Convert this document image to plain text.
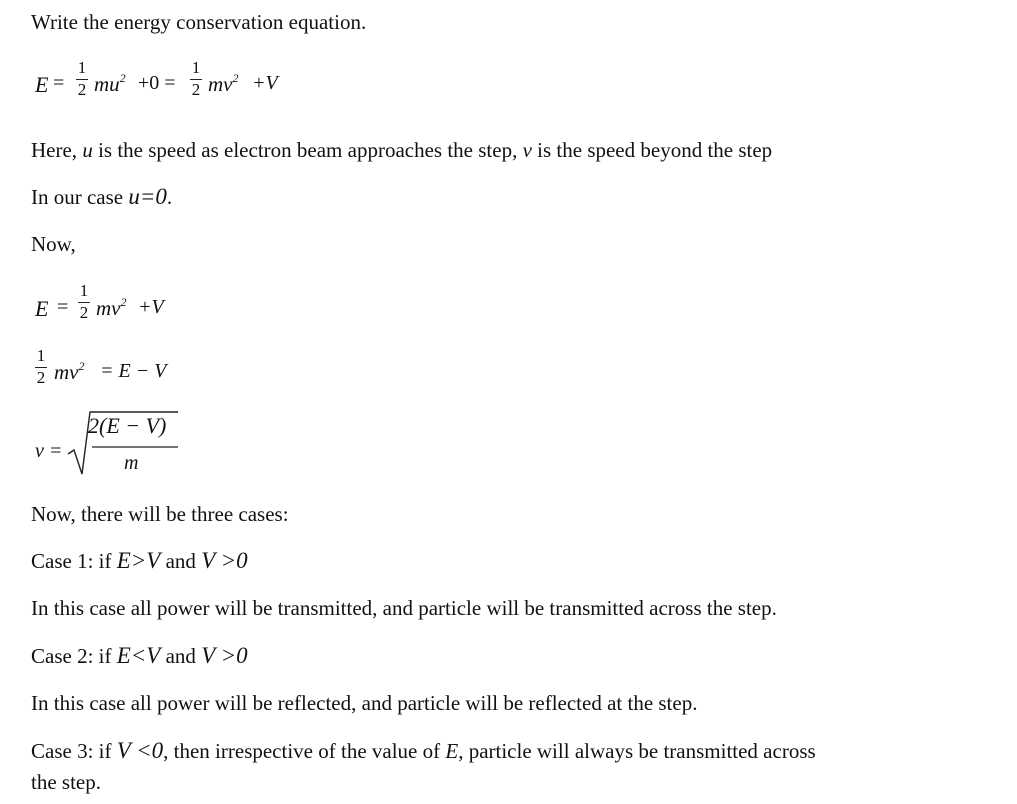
Write the energy conservation equation.
E =
1
2 $mu^2 +0$ =
1
2 $mv^2 +V$
Here, u is the speed as electron beam approaches the step, v is the speed beyond the step
In our case u=0.
Now,
E =
1
2 $mv^2 +V$
1
2 $mv^2 = E - V$
v =
2(E − V)
m
Now, there will be three cases:
Case 1: if E>V and V >0
In this case all power will be transmitted, and particle will be transmitted across the step.
Case 2: if E<V and V >0
In this case all power will be reflected, and particle will be reflected at the step.
Case 3: if V <0, then irrespective of the value of E, particle will always be transmitted across
the step.
